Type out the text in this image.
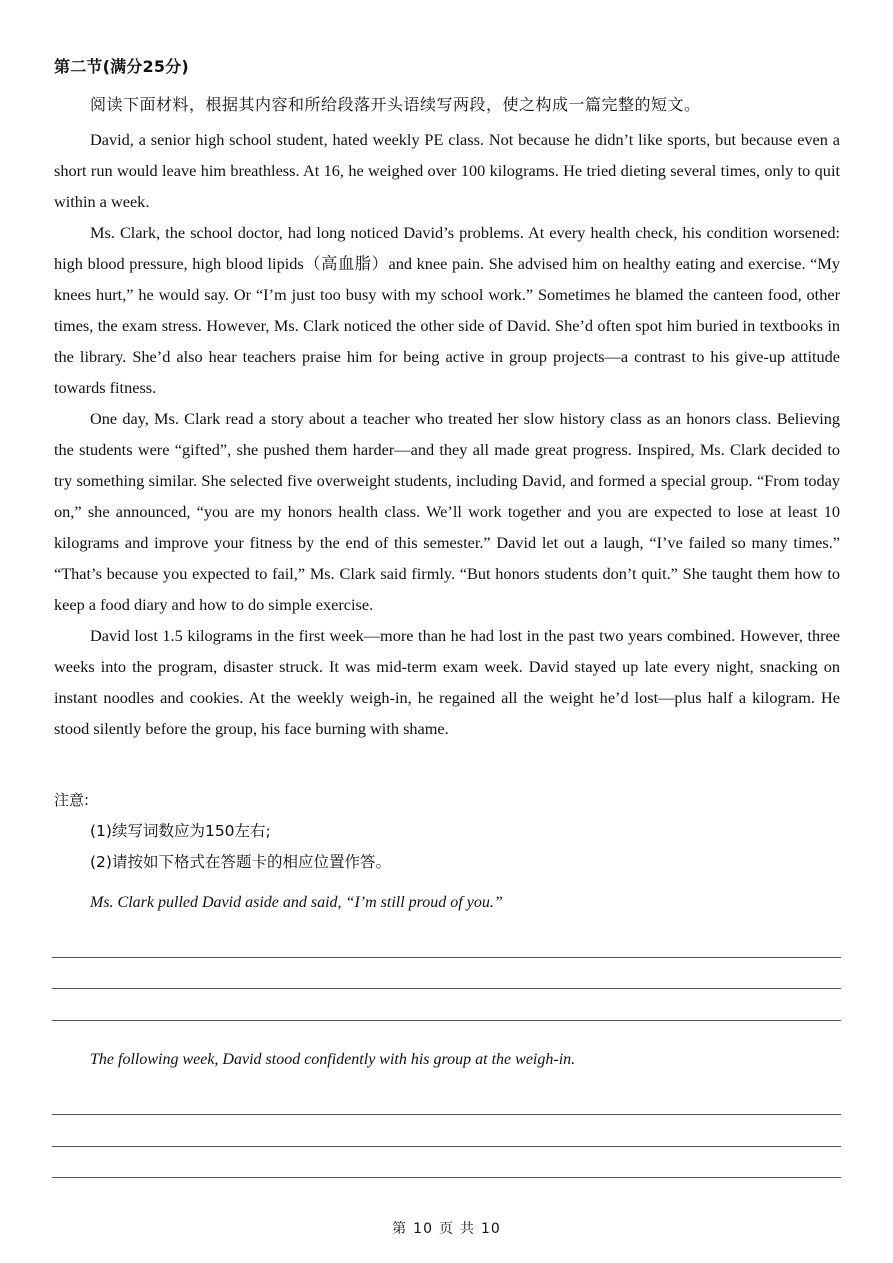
第二节(满分25分)
阅读下面材料，根据其内容和所给段落开头语续写两段，使之构成一篇完整的短文。

David, a senior high school student, hated weekly PE class. Not because he didn’t like sports, but because even a short run would leave him breathless. At 16, he weighed over 100 kilograms. He tried dieting several times, only to quit within a week.

Ms. Clark, the school doctor, had long noticed David’s problems. At every health check, his condition worsened: high blood pressure, high blood lipids（高血脂）and knee pain. She advised him on healthy eating and exercise. “My knees hurt,” he would say. Or “I’m just too busy with my school work.” Sometimes he blamed the canteen food, other times, the exam stress. However, Ms. Clark noticed the other side of David. She’d often spot him buried in textbooks in the library. She’d also hear teachers praise him for being active in group projects—a contrast to his give-up attitude towards fitness.

One day, Ms. Clark read a story about a teacher who treated her slow history class as an honors class. Believing the students were “gifted”, she pushed them harder—and they all made great progress. Inspired, Ms. Clark decided to try something similar. She selected five overweight students, including David, and formed a special group. “From today on,” she announced, “you are my honors health class. We’ll work together and you are expected to lose at least 10 kilograms and improve your fitness by the end of this semester.” David let out a laugh, “I’ve failed so many times.” “That’s because you expected to fail,” Ms. Clark said firmly. “But honors students don’t quit.” She taught them how to keep a food diary and how to do simple exercise.

David lost 1.5 kilograms in the first week—more than he had lost in the past two years combined. However, three weeks into the program, disaster struck. It was mid-term exam week. David stayed up late every night, snacking on instant noodles and cookies. At the weekly weigh-in, he regained all the weight he’d lost—plus half a kilogram. He stood silently before the group, his face burning with shame.

注意:
(1)续写词数应为150左右;
(2)请按如下格式在答题卡的相应位置作答。
Ms. Clark pulled David aside and said, “I’m still proud of you.”
The following week, David stood confidently with his group at the weigh-in.
第 10 页 共 10
